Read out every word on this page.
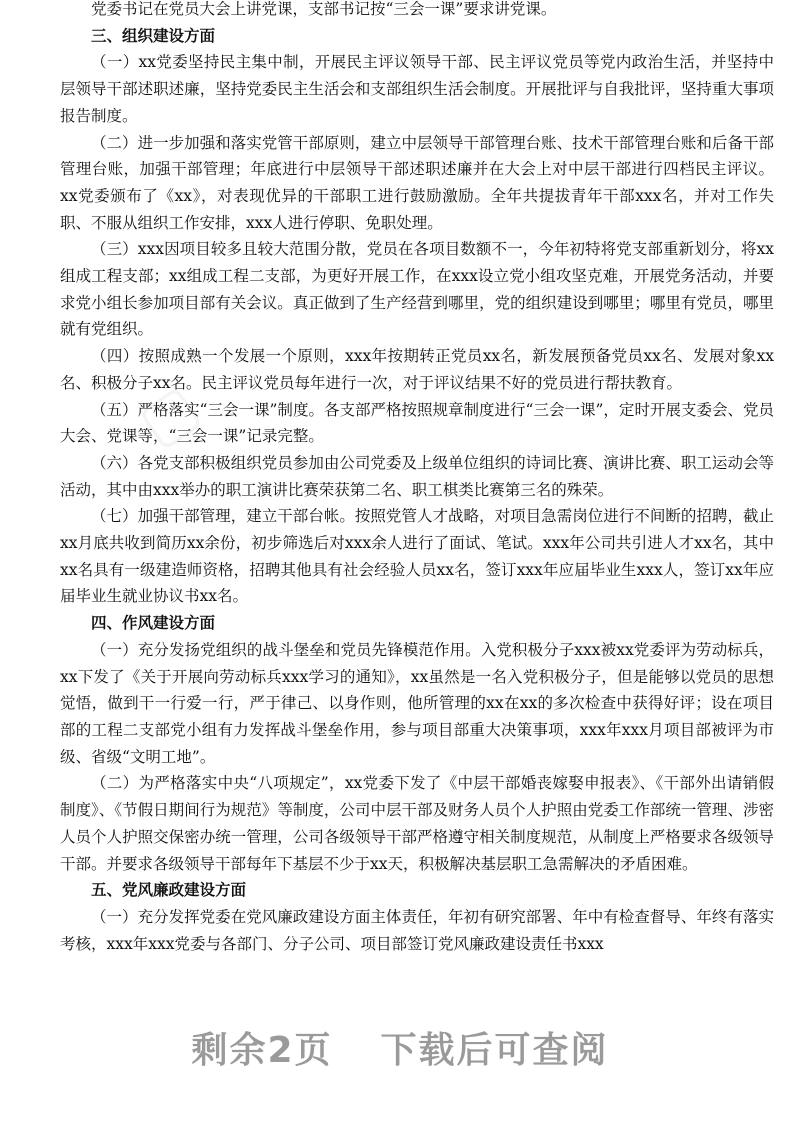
党委书记在党员大会上讲党课，支部书记按“三会一课”要求讲党课。

三、组织建设方面

（一）xx党委坚持民主集中制，开展民主评议领导干部、民主评议党员等党内政治生活，并坚持中层领导干部述职述廉，坚持党委民主生活会和支部组织生活会制度。开展批评与自我批评，坚持重大事项报告制度。

（二）进一步加强和落实党管干部原则，建立中层领导干部管理台账、技术干部管理台账和后备干部管理台账，加强干部管理；年底进行中层领导干部述职述廉并在大会上对中层干部进行四档民主评议。xx党委颁布了《xx》，对表现优异的干部职工进行鼓励激励。全年共提拔青年干部xxx名，并对工作失职、不服从组织工作安排，xxx人进行停职、免职处理。

（三）xxx因项目较多且较大范围分散，党员在各项目数额不一，今年初特将党支部重新划分，将xx组成工程支部；xx组成工程二支部，为更好开展工作，在xxx设立党小组攻坚克难，开展党务活动，并要求党小组长参加项目部有关会议。真正做到了生产经营到哪里，党的组织建设到哪里；哪里有党员，哪里就有党组织。

（四）按照成熟一个发展一个原则，xxx年按期转正党员xx名，新发展预备党员xx名、发展对象xx名、积极分子xx名。民主评议党员每年进行一次，对于评议结果不好的党员进行帮扶教育。

（五）严格落实“三会一课”制度。各支部严格按照规章制度进行“三会一课”，定时开展支委会、党员大会、党课等，“三会一课”记录完整。

（六）各党支部积极组织党员参加由公司党委及上级单位组织的诗词比赛、演讲比赛、职工运动会等活动，其中由xxx举办的职工演讲比赛荣获第二名、职工棋类比赛第三名的殊荣。

（七）加强干部管理，建立干部台帐。按照党管人才战略，对项目急需岗位进行不间断的招聘，截止xx月底共收到简历xx余份，初步筛选后对xxx余人进行了面试、笔试。xxx年公司共引进人才xx名，其中xx名具有一级建造师资格，招聘其他具有社会经验人员xx名，签订xxx年应届毕业生xxx人，签订xx年应届毕业生就业协议书xx名。

四、作风建设方面

（一）充分发扬党组织的战斗堡垒和党员先锋模范作用。入党积极分子xxx被xx党委评为劳动标兵，xx下发了《关于开展向劳动标兵xxx学习的通知》，xx虽然是一名入党积极分子，但是能够以党员的思想觉悟，做到干一行爱一行，严于律己、以身作则，他所管理的xx在xx的多次检查中获得好评；设在项目部的工程二支部党小组有力发挥战斗堡垒作用，参与项目部重大决策事项，xxx年xxx月项目部被评为市级、省级“文明工地”。

（二）为严格落实中央“八项规定”，xx党委下发了《中层干部婚丧嫁娶申报表》、《干部外出请销假制度》、《节假日期间行为规范》等制度，公司中层干部及财务人员个人护照由党委工作部统一管理、涉密人员个人护照交保密办统一管理，公司各级领导干部严格遵守相关制度规范，从制度上严格要求各级领导干部。并要求各级领导干部每年下基层不少于xx天，积极解决基层职工急需解决的矛盾困难。

五、党风廉政建设方面

（一）充分发挥党委在党风廉政建设方面主体责任，年初有研究部署、年中有检查督导、年终有落实考核，xxx年xxx党委与各部门、分子公司、项目部签订党风廉政建设责任书xxx

剩余2页 下载后可查阅
